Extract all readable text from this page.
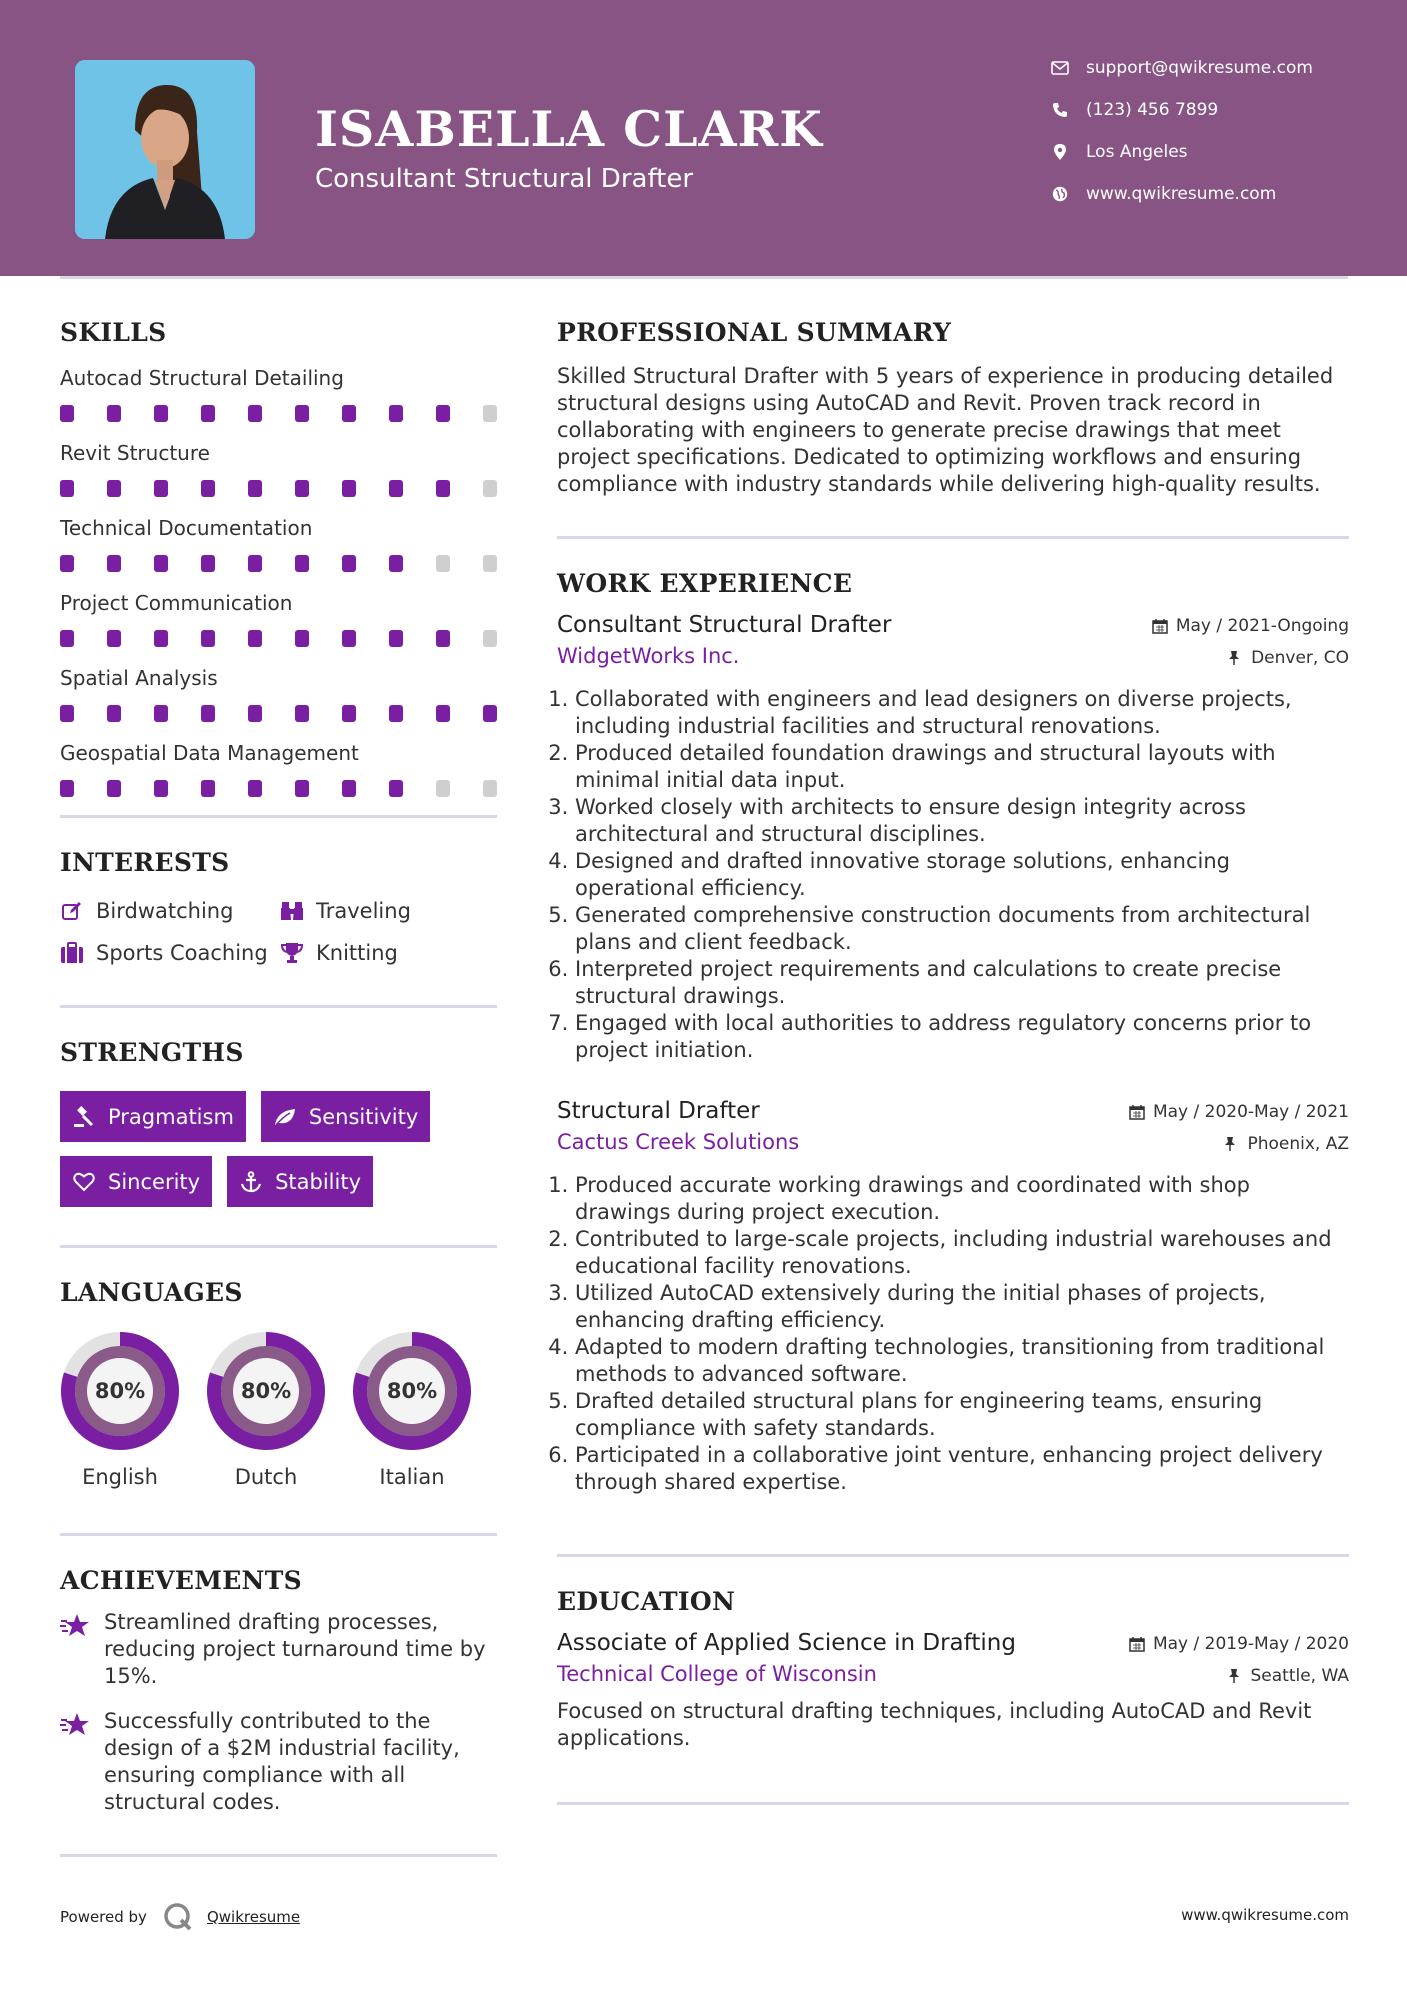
ISABELLA CLARK
Consultant Structural Drafter
support@qwikresume.com
(123) 456 7899
Los Angeles
www.qwikresume.com
SKILLS
Autocad Structural Detailing
Revit Structure
Technical Documentation
Project Communication
Spatial Analysis
Geospatial Data Management
INTERESTS
Birdwatching	Traveling
Sports Coaching Knitting
STRENGTHS
Pragmatism	Sensitivity
Sincerity	Stability
LANGUAGES
80%
English
80%
Dutch
80%
Italian
ACHIEVEMENTS
Streamlined drafting processes, reducing project turnaround time by 15%.
Successfully contributed to the design of a $2M industrial facility, ensuring compliance with all structural codes.
PROFESSIONAL SUMMARY
Skilled Structural Drafter with 5 years of experience in producing detailed structural designs using AutoCAD and Revit. Proven track record in collaborating with engineers to generate precise drawings that meet project specifications. Dedicated to optimizing workflows and ensuring compliance with industry standards while delivering high-quality results.
WORK EXPERIENCE
Consultant Structural Drafter	May / 2021-Ongoing
WidgetWorks Inc.	Denver, CO
1. Collaborated with engineers and lead designers on diverse projects, including industrial facilities and structural renovations.
2. Produced detailed foundation drawings and structural layouts with minimal initial data input.
3. Worked closely with architects to ensure design integrity across architectural and structural disciplines.
4. Designed and drafted innovative storage solutions, enhancing operational efficiency.
5. Generated comprehensive construction documents from architectural plans and client feedback.
6. Interpreted project requirements and calculations to create precise structural drawings.
7. Engaged with local authorities to address regulatory concerns prior to project initiation.
Structural Drafter	May / 2020-May / 2021
Cactus Creek Solutions	Phoenix, AZ
1. Produced accurate working drawings and coordinated with shop drawings during project execution.
2. Contributed to large-scale projects, including industrial warehouses and educational facility renovations.
3. Utilized AutoCAD extensively during the initial phases of projects, enhancing drafting efficiency.
4. Adapted to modern drafting technologies, transitioning from traditional methods to advanced software.
5. Drafted detailed structural plans for engineering teams, ensuring compliance with safety standards.
6. Participated in a collaborative joint venture, enhancing project delivery through shared expertise.
EDUCATION
Associate of Applied Science in Drafting	May / 2019-May / 2020
Technical College of Wisconsin	Seattle, WA
Focused on structural drafting techniques, including AutoCAD and Revit applications.
Powered by	Qwikresume	www.qwikresume.com
